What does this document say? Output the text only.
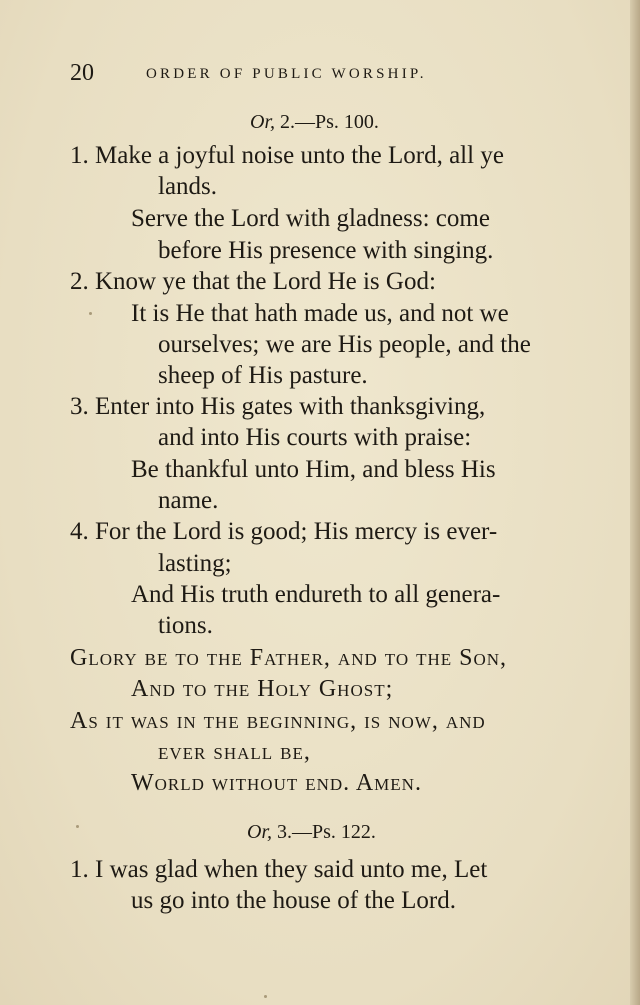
20	ORDER OF PUBLIC WORSHIP.
Or, 2.—Ps. 100.
1. Make a joyful noise unto the Lord, all ye
lands.
Serve the Lord with gladness: come
before His presence with singing.
2. Know ye that the Lord He is God:
It is He that hath made us, and not we
ourselves; we are His people, and the
sheep of His pasture.
3. Enter into His gates with thanksgiving,
and into His courts with praise:
Be thankful unto Him, and bless His
name.
4. For the Lord is good; His mercy is ever-
lasting;
And His truth endureth to all genera-
tions.
Glory be to the Father, and to the Son,
And to the Holy Ghost;
As it was in the beginning, is now, and
ever shall be,
World without end. Amen.
Or, 3.—Ps. 122.
1. I was glad when they said unto me, Let
us go into the house of the Lord.
